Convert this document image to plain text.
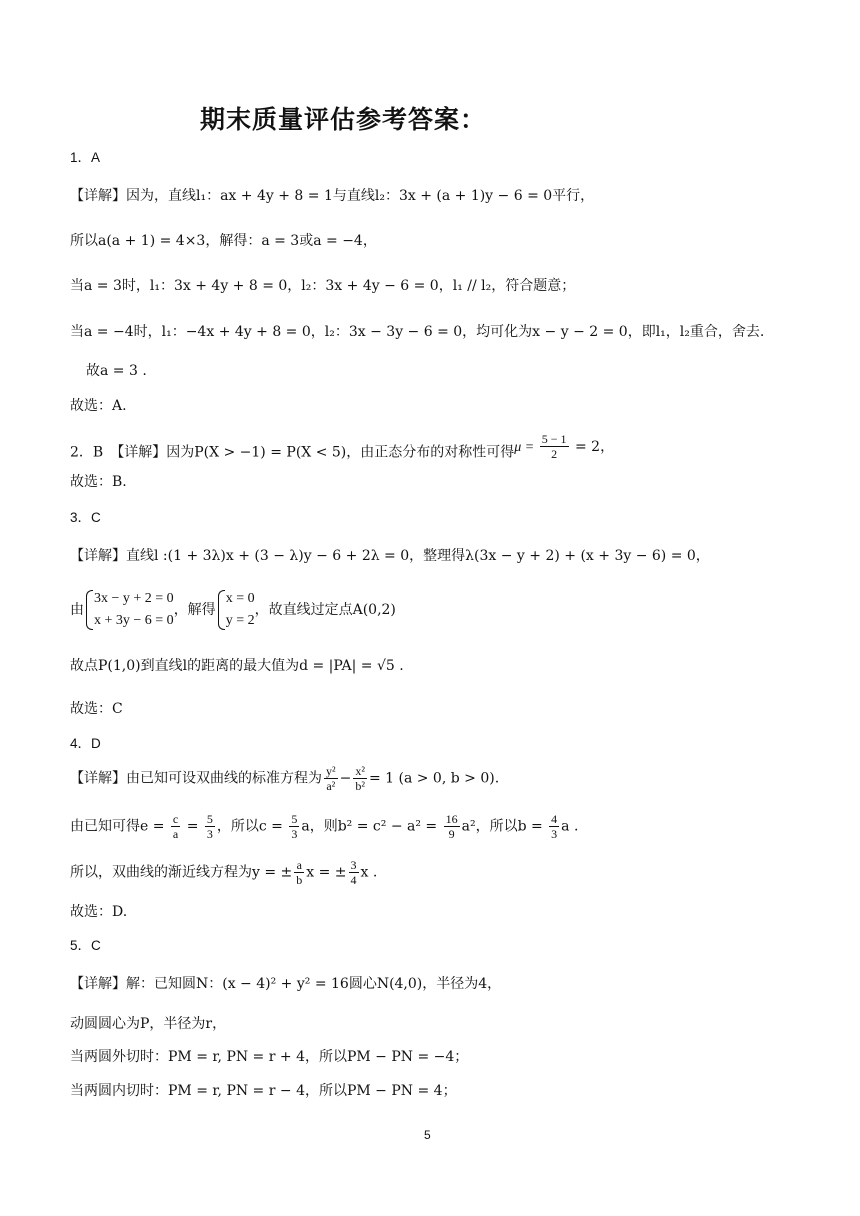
期末质量评估参考答案：
1．A
【详解】因为，直线l₁：ax + 4y + 8 = 1与直线l₂：3x + (a + 1)y − 6 = 0平行，
所以a(a + 1) = 4×3，解得：a = 3或a = −4，
当a = 3时，l₁：3x + 4y + 8 = 0，l₂：3x + 4y − 6 = 0，l₁ // l₂，符合题意；
当a = −4时，l₁：−4x + 4y + 8 = 0，l₂：3x − 3y − 6 = 0，均可化为x − y − 2 = 0，即l₁，l₂重合，舍去.
故a = 3 .
故选：A.
2．B　【详解】因为P(X > −1) = P(X < 5)，由正态分布的对称性可得$\mu = \frac{5 - 1}{2} = 2$，
故选：B.
3．C
【详解】直线l :(1 + 3λ)x + (3 − λ)y − 6 + 2λ = 0，整理得λ(3x − y + 2) + (x + 3y − 6) = 0，
由
3x − y + 2 = 0
x + 3y − 6 = 0
，解得
x = 0
y = 2
，故直线过定点A(0,2)
故点P(1,0)到直线l的距离的最大值为d = |PA| = √5 .
故选：C
4．D
【详解】由已知可设双曲线的标准方程为 $\frac{\text{y²}}{\text{a²}} - \frac{\text{x²}}{\text{b²}} = 1$ (a > 0, b > 0).
由已知可得$e = \frac{c}{a} = \frac{5}{3}$ ，所以$c = \frac{5}{3}$ a，则$b^2 = c^2 - a^2 = \frac{16}{9} a^2$，所以$b = \frac{4}{3}$ a .
所以，双曲线的渐近线方程为y = ± $\frac{a}{b}$ x = ± $\frac{3}{4}$ x .
故选：D.
5．C
【详解】解：已知圆N：(x − 4)² + y² = 16圆心N(4,0)，半径为4，
动圆圆心为P，半径为r，
当两圆外切时：PM = r, PN = r + 4，所以PM − PN = −4；
当两圆内切时：PM = r, PN = r − 4，所以PM − PN = 4；
5
